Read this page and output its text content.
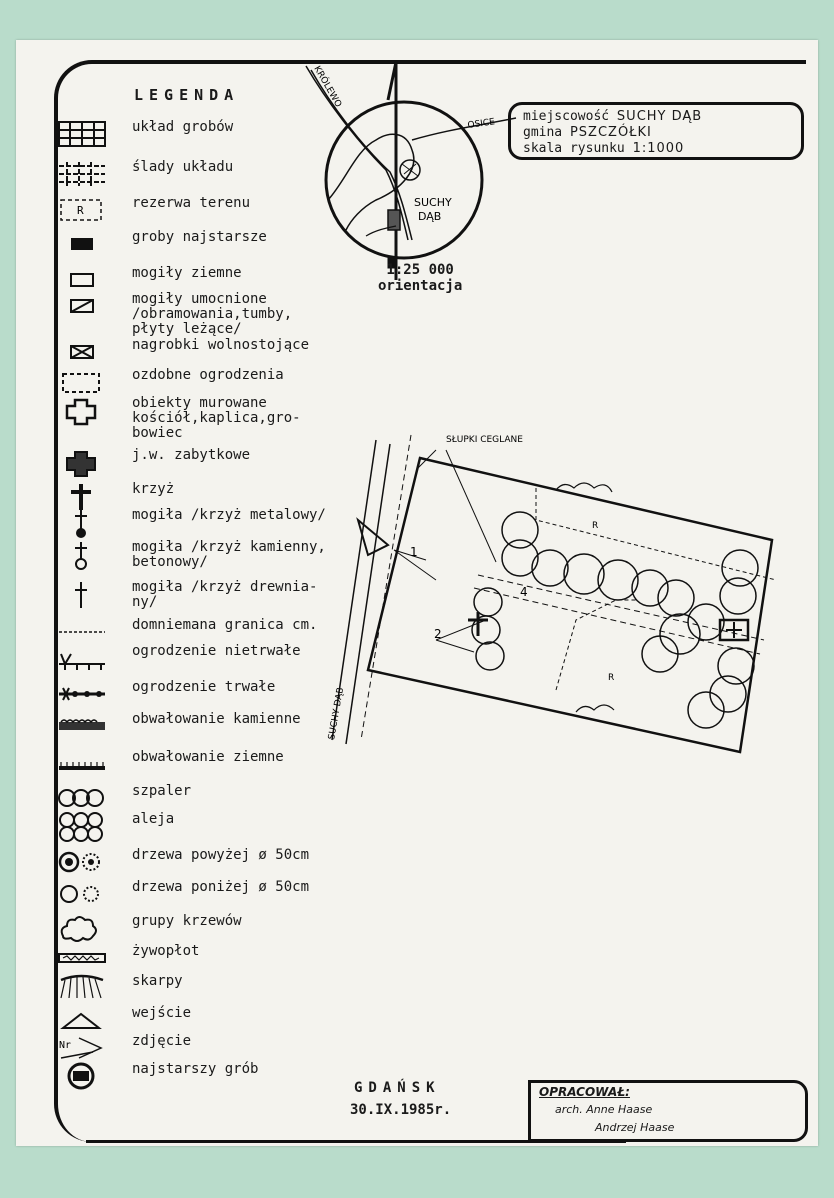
LEGENDA
układ grobów
ślady układu
R	rezerwa terenu
groby najstarsze
mogiły ziemne
mogiły umocnione
/obramowania,tumby,
płyty leżące/
nagrobki wolnostojące
ozdobne ogrodzenia
obiekty murowane
kościół,kaplica,gro-
bowiec
j.w. zabytkowe
krzyż
mogiła /krzyż metalowy/
mogiła /krzyż kamienny,
betonowy/
mogiła /krzyż drewnia-
ny/
domniemana granica cm.
ogrodzenie nietrwałe
ogrodzenie trwałe
obwałowanie kamienne
obwałowanie ziemne
szpaler
aleja
drzewa powyżej ø 50cm
drzewa poniżej ø 50cm
grupy krzewów
żywopłot
skarpy
wejście
Nr	zdjęcie
najstarszy grób
KRÓLEWO
OSICE
SUCHY DĄB
SŁUPKI CEGLANE
SUCHY DĄB
R
R
1
2
4
1:25 000
orientacja
miejscowość SUCHY DĄB
gmina PSZCZÓŁKI
skala rysunku 1:1000
GDAŃSK
30.IX.1985r.
OPRACOWAŁ:
arch. Anne Haase
Andrzej Haase
